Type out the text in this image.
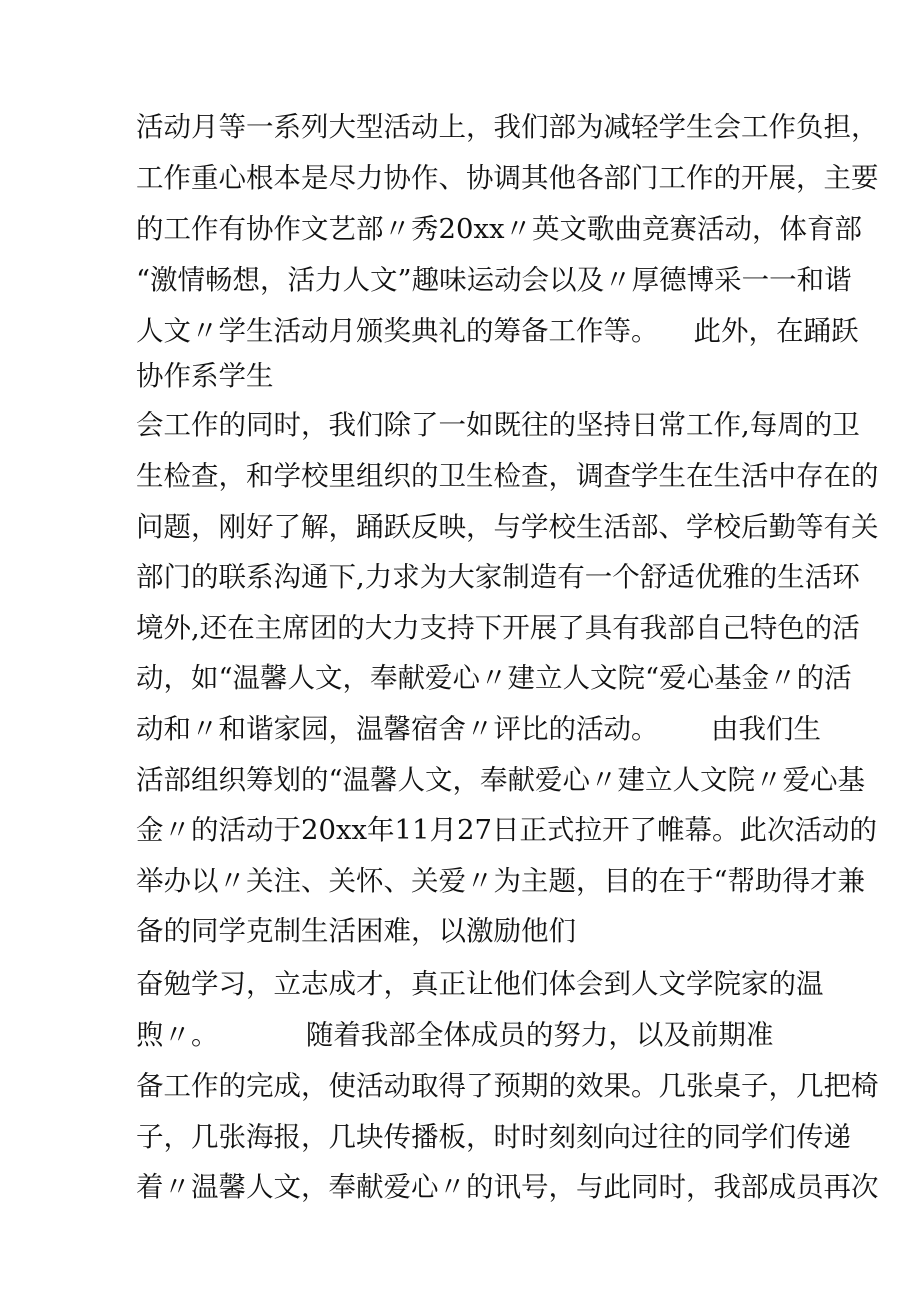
活动月等一系列大型活动上，我们部为减轻学生会工作负担，
工作重心根本是尽力协作、协调其他各部门工作的开展，主要
的工作有协作文艺部〃秀20xx〃英文歌曲竞赛活动，体育部
“激情畅想，活力人文”趣味运动会以及〃厚德博采一一和谐
人文〃学生活动月颁奖典礼的筹备工作等。    此外，在踊跃
协作系学生
会工作的同时，我们除了一如既往的坚持日常工作,每周的卫
生检查，和学校里组织的卫生检查，调查学生在生活中存在的
问题，刚好了解，踊跃反映，与学校生活部、学校后勤等有关
部门的联系沟通下,力求为大家制造有一个舒适优雅的生活环
境外,还在主席团的大力支持下开展了具有我部自己特色的活
动，如“温馨人文，奉献爱心〃建立人文院“爱心基金〃的活
动和〃和谐家园，温馨宿舍〃评比的活动。      由我们生
活部组织筹划的“温馨人文，奉献爱心〃建立人文院〃爱心基
金〃的活动于20xx年11月27日正式拉开了帷幕。此次活动的
举办以〃关注、关怀、关爱〃为主题，目的在于“帮助得才兼
备的同学克制生活困难，以激励他们
奋勉学习，立志成才，真正让他们体会到人文学院家的温
煦〃。          随着我部全体成员的努力，以及前期准
备工作的完成，使活动取得了预期的效果。几张桌子，几把椅
子，几张海报，几块传播板，时时刻刻向过往的同学们传递
着〃温馨人文，奉献爱心〃的讯号，与此同时，我部成员再次
